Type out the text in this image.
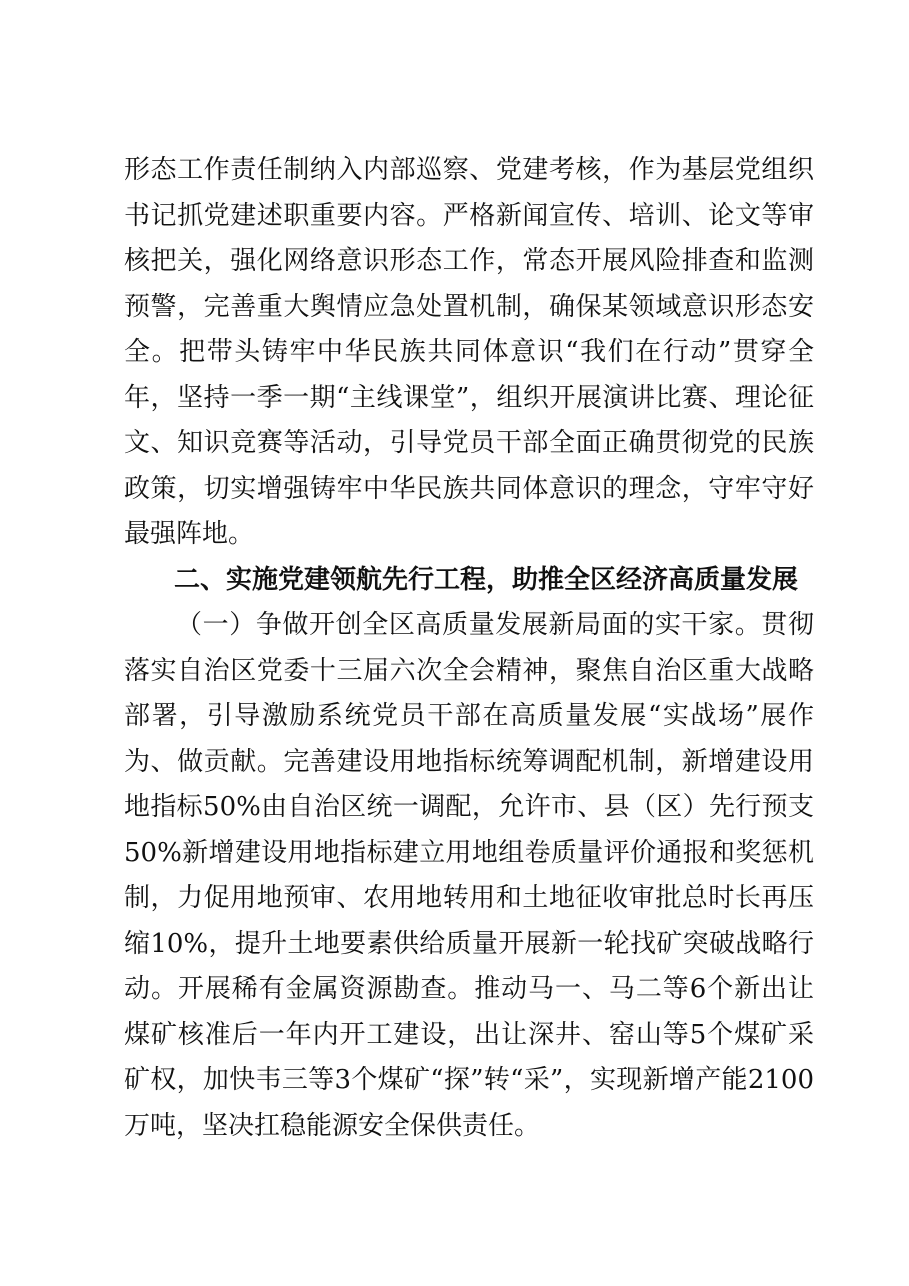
形态工作责任制纳入内部巡察、党建考核，作为基层党组织书记抓党建述职重要内容。严格新闻宣传、培训、论文等审核把关，强化网络意识形态工作，常态开展风险排查和监测预警，完善重大舆情应急处置机制，确保某领域意识形态安全。把带头铸牢中华民族共同体意识“我们在行动”贯穿全年，坚持一季一期“主线课堂”，组织开展演讲比赛、理论征文、知识竞赛等活动，引导党员干部全面正确贯彻党的民族政策，切实增强铸牢中华民族共同体意识的理念，守牢守好最强阵地。

二、实施党建领航先行工程，助推全区经济高质量发展

（一）争做开创全区高质量发展新局面的实干家。贯彻落实自治区党委十三届六次全会精神，聚焦自治区重大战略部署，引导激励系统党员干部在高质量发展“实战场”展作为、做贡献。完善建设用地指标统筹调配机制，新增建设用地指标50%由自治区统一调配，允许市、县（区）先行预支50%新增建设用地指标建立用地组卷质量评价通报和奖惩机制，力促用地预审、农用地转用和土地征收审批总时长再压缩10%，提升土地要素供给质量开展新一轮找矿突破战略行动。开展稀有金属资源勘查。推动马一、马二等6个新出让煤矿核准后一年内开工建设，出让深井、窑山等5个煤矿采矿权，加快韦三等3个煤矿“探”转“采”，实现新增产能2100万吨，坚决扛稳能源安全保供责任。
